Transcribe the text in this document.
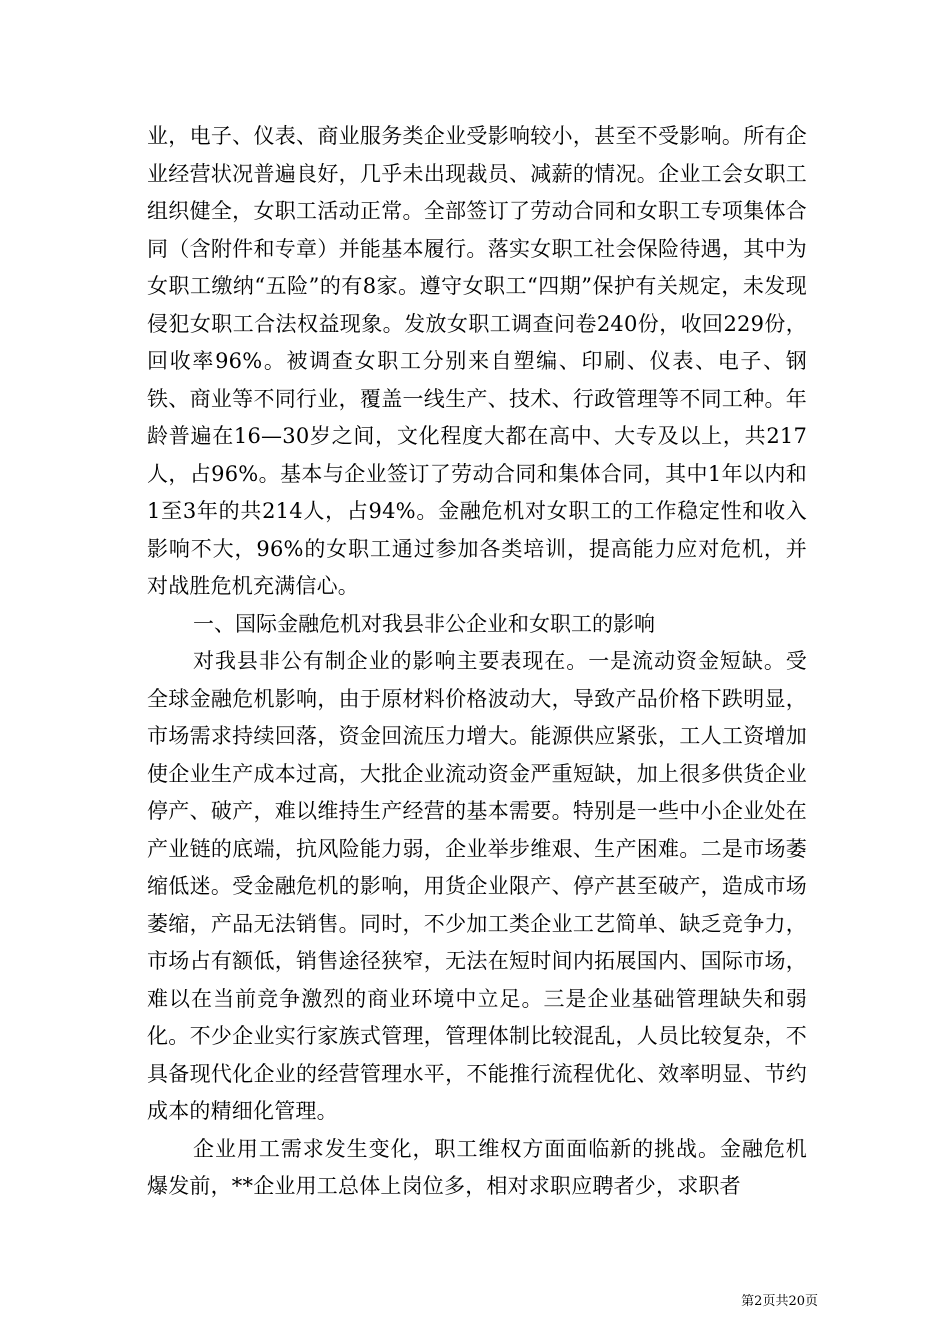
业，电子、仪表、商业服务类企业受影响较小，甚至不受影响。所有企业经营状况普遍良好，几乎未出现裁员、减薪的情况。企业工会女职工组织健全，女职工活动正常。全部签订了劳动合同和女职工专项集体合同（含附件和专章）并能基本履行。落实女职工社会保险待遇，其中为女职工缴纳“五险”的有8家。遵守女职工“四期”保护有关规定，未发现侵犯女职工合法权益现象。发放女职工调查问卷240份，收回229份，回收率96%。被调查女职工分别来自塑编、印刷、仪表、电子、钢铁、商业等不同行业，覆盖一线生产、技术、行政管理等不同工种。年龄普遍在16—30岁之间，文化程度大都在高中、大专及以上，共217人，占96%。基本与企业签订了劳动合同和集体合同，其中1年以内和1至3年的共214人，占94%。金融危机对女职工的工作稳定性和收入影响不大，96%的女职工通过参加各类培训，提高能力应对危机，并对战胜危机充满信心。

一、国际金融危机对我县非公企业和女职工的影响

对我县非公有制企业的影响主要表现在。一是流动资金短缺。受全球金融危机影响，由于原材料价格波动大，导致产品价格下跌明显，市场需求持续回落，资金回流压力增大。能源供应紧张，工人工资增加使企业生产成本过高，大批企业流动资金严重短缺，加上很多供货企业停产、破产，难以维持生产经营的基本需要。特别是一些中小企业处在产业链的底端，抗风险能力弱，企业举步维艰、生产困难。二是市场萎缩低迷。受金融危机的影响，用货企业限产、停产甚至破产，造成市场萎缩，产品无法销售。同时，不少加工类企业工艺简单、缺乏竞争力，市场占有额低，销售途径狭窄，无法在短时间内拓展国内、国际市场，难以在当前竞争激烈的商业环境中立足。三是企业基础管理缺失和弱化。不少企业实行家族式管理，管理体制比较混乱，人员比较复杂，不具备现代化企业的经营管理水平，不能推行流程优化、效率明显、节约成本的精细化管理。

企业用工需求发生变化，职工维权方面面临新的挑战。金融危机爆发前，**企业用工总体上岗位多，相对求职应聘者少，求职者

第2页共20页
